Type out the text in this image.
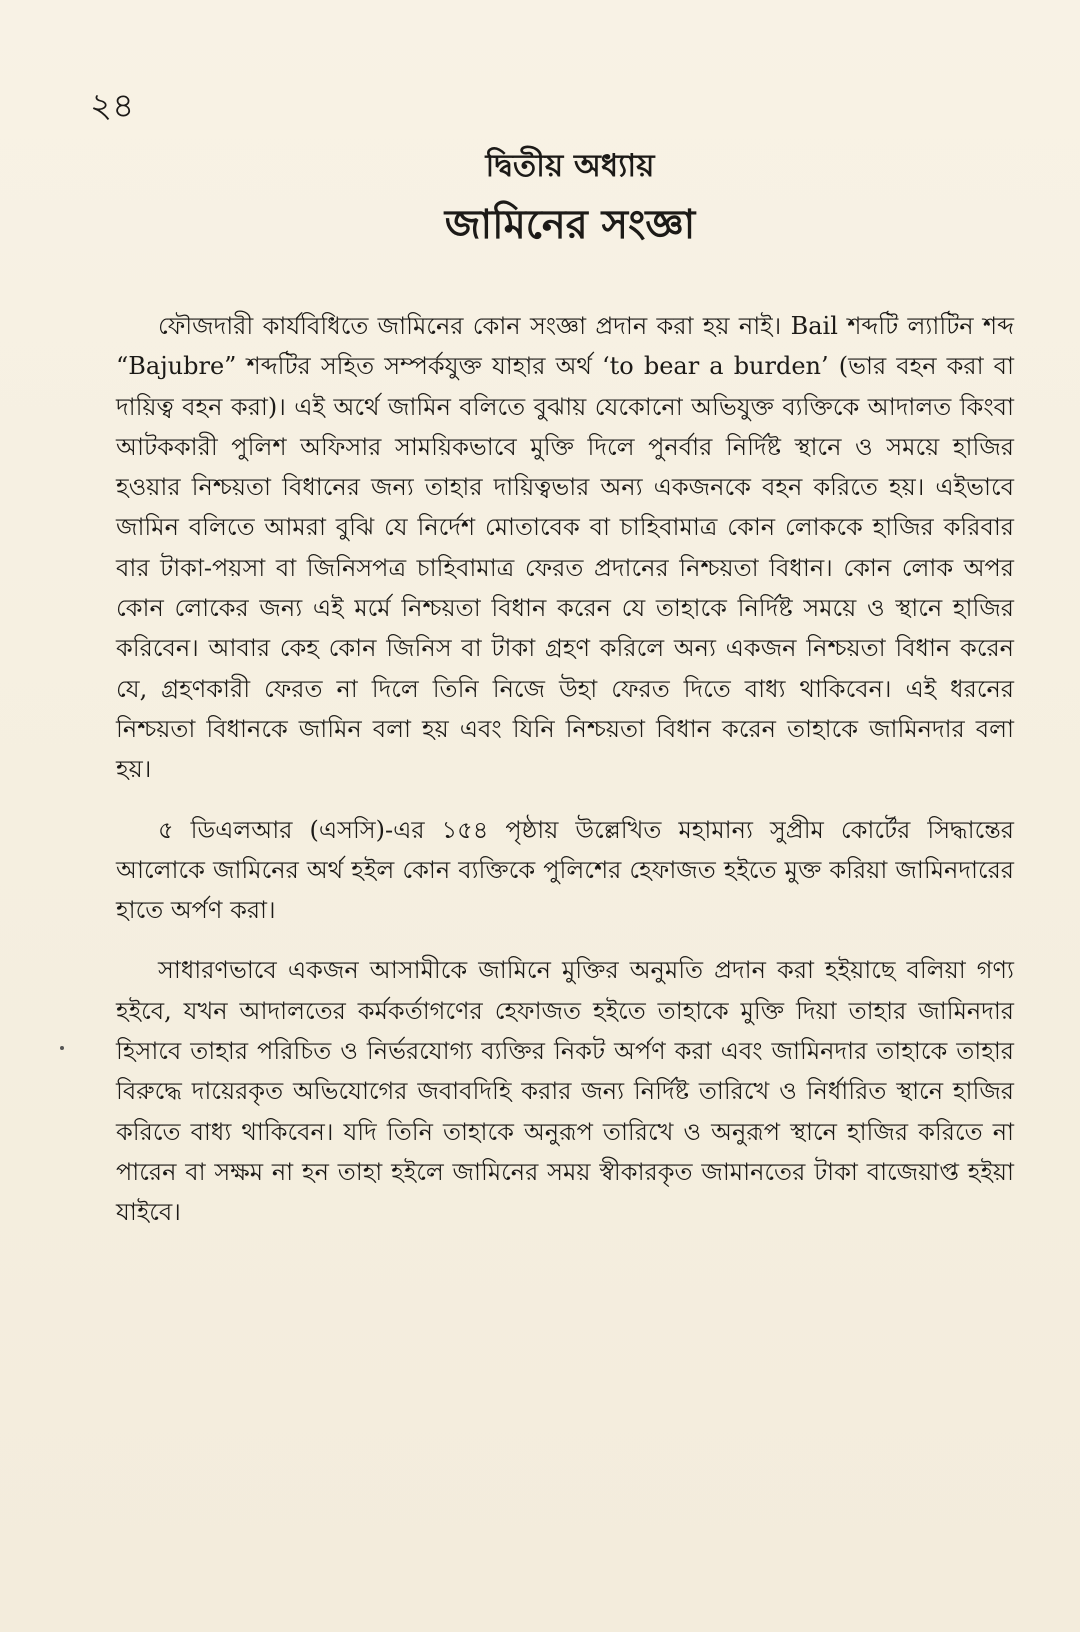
২৪
দ্বিতীয় অধ্যায়
জামিনের সংজ্ঞা

ফৌজদারী কার্যবিধিতে জামিনের কোন সংজ্ঞা প্রদান করা হয় নাই। Bail শব্দটি ল্যাটিন শব্দ “Bajubre” শব্দটির সহিত সম্পর্কযুক্ত যাহার অর্থ ‘to bear a burden’ (ভার বহন করা বা দায়িত্ব বহন করা)। এই অর্থে জামিন বলিতে বুঝায় যেকোনো অভিযুক্ত ব্যক্তিকে আদালত কিংবা আটককারী পুলিশ অফিসার সাময়িকভাবে মুক্তি দিলে পুনর্বার নির্দিষ্ট স্থানে ও সময়ে হাজির হওয়ার নিশ্চয়তা বিধানের জন্য তাহার দায়িত্বভার অন্য একজনকে বহন করিতে হয়। এইভাবে জামিন বলিতে আমরা বুঝি যে নির্দেশ মোতাবেক বা চাহিবামাত্র কোন লোককে হাজির করিবার বার টাকা-পয়সা বা জিনিসপত্র চাহিবামাত্র ফেরত প্রদানের নিশ্চয়তা বিধান। কোন লোক অপর কোন লোকের জন্য এই মর্মে নিশ্চয়তা বিধান করেন যে তাহাকে নির্দিষ্ট সময়ে ও স্থানে হাজির করিবেন। আবার কেহ কোন জিনিস বা টাকা গ্রহণ করিলে অন্য একজন নিশ্চয়তা বিধান করেন যে, গ্রহণকারী ফেরত না দিলে তিনি নিজে উহা ফেরত দিতে বাধ্য থাকিবেন। এই ধরনের নিশ্চয়তা বিধানকে জামিন বলা হয় এবং যিনি নিশ্চয়তা বিধান করেন তাহাকে জামিনদার বলা হয়।

৫ ডিএলআর (এসসি)-এর ১৫৪ পৃষ্ঠায় উল্লেখিত মহামান্য সুপ্রীম কোর্টের সিদ্ধান্তের আলোকে জামিনের অর্থ হইল কোন ব্যক্তিকে পুলিশের হেফাজত হইতে মুক্ত করিয়া জামিনদারের হাতে অর্পণ করা।

সাধারণভাবে একজন আসামীকে জামিনে মুক্তির অনুমতি প্রদান করা হইয়াছে বলিয়া গণ্য হইবে, যখন আদালতের কর্মকর্তাগণের হেফাজত হইতে তাহাকে মুক্তি দিয়া তাহার জামিনদার হিসাবে তাহার পরিচিত ও নির্ভরযোগ্য ব্যক্তির নিকট অর্পণ করা এবং জামিনদার তাহাকে তাহার বিরুদ্ধে দায়েরকৃত অভিযোগের জবাবদিহি করার জন্য নির্দিষ্ট তারিখে ও নির্ধারিত স্থানে হাজির করিতে বাধ্য থাকিবেন। যদি তিনি তাহাকে অনুরূপ তারিখে ও অনুরূপ স্থানে হাজির করিতে না পারেন বা সক্ষম না হন তাহা হইলে জামিনের সময় স্বীকারকৃত জামানতের টাকা বাজেয়াপ্ত হইয়া যাইবে।
